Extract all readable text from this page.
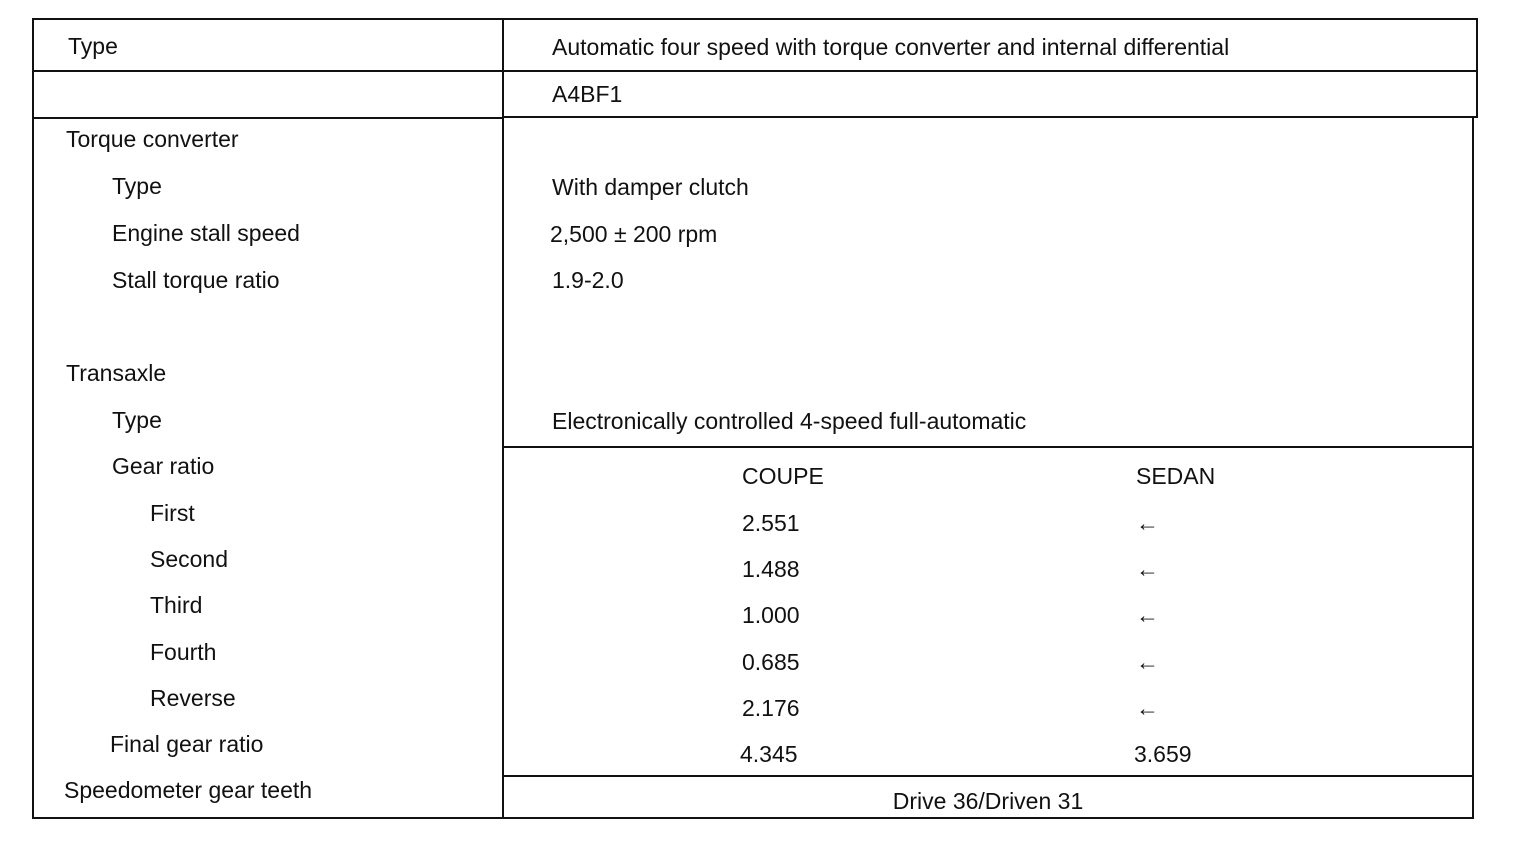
Type	Automatic four speed with torque converter and internal differential
A4BF1
Torque converter
Type	With damper clutch
Engine stall speed	2,500 ± 200 rpm
Stall torque ratio	1.9-2.0
Transaxle
Type	Electronically controlled 4-speed full-automatic
Gear ratio	COUPE	SEDAN
First	2.551	←
Second	1.488	←
Third	1.000	←
Fourth	0.685	←
Reverse	2.176	←
Final gear ratio	4.345	3.659
Speedometer gear teeth	Drive 36/Driven 31
